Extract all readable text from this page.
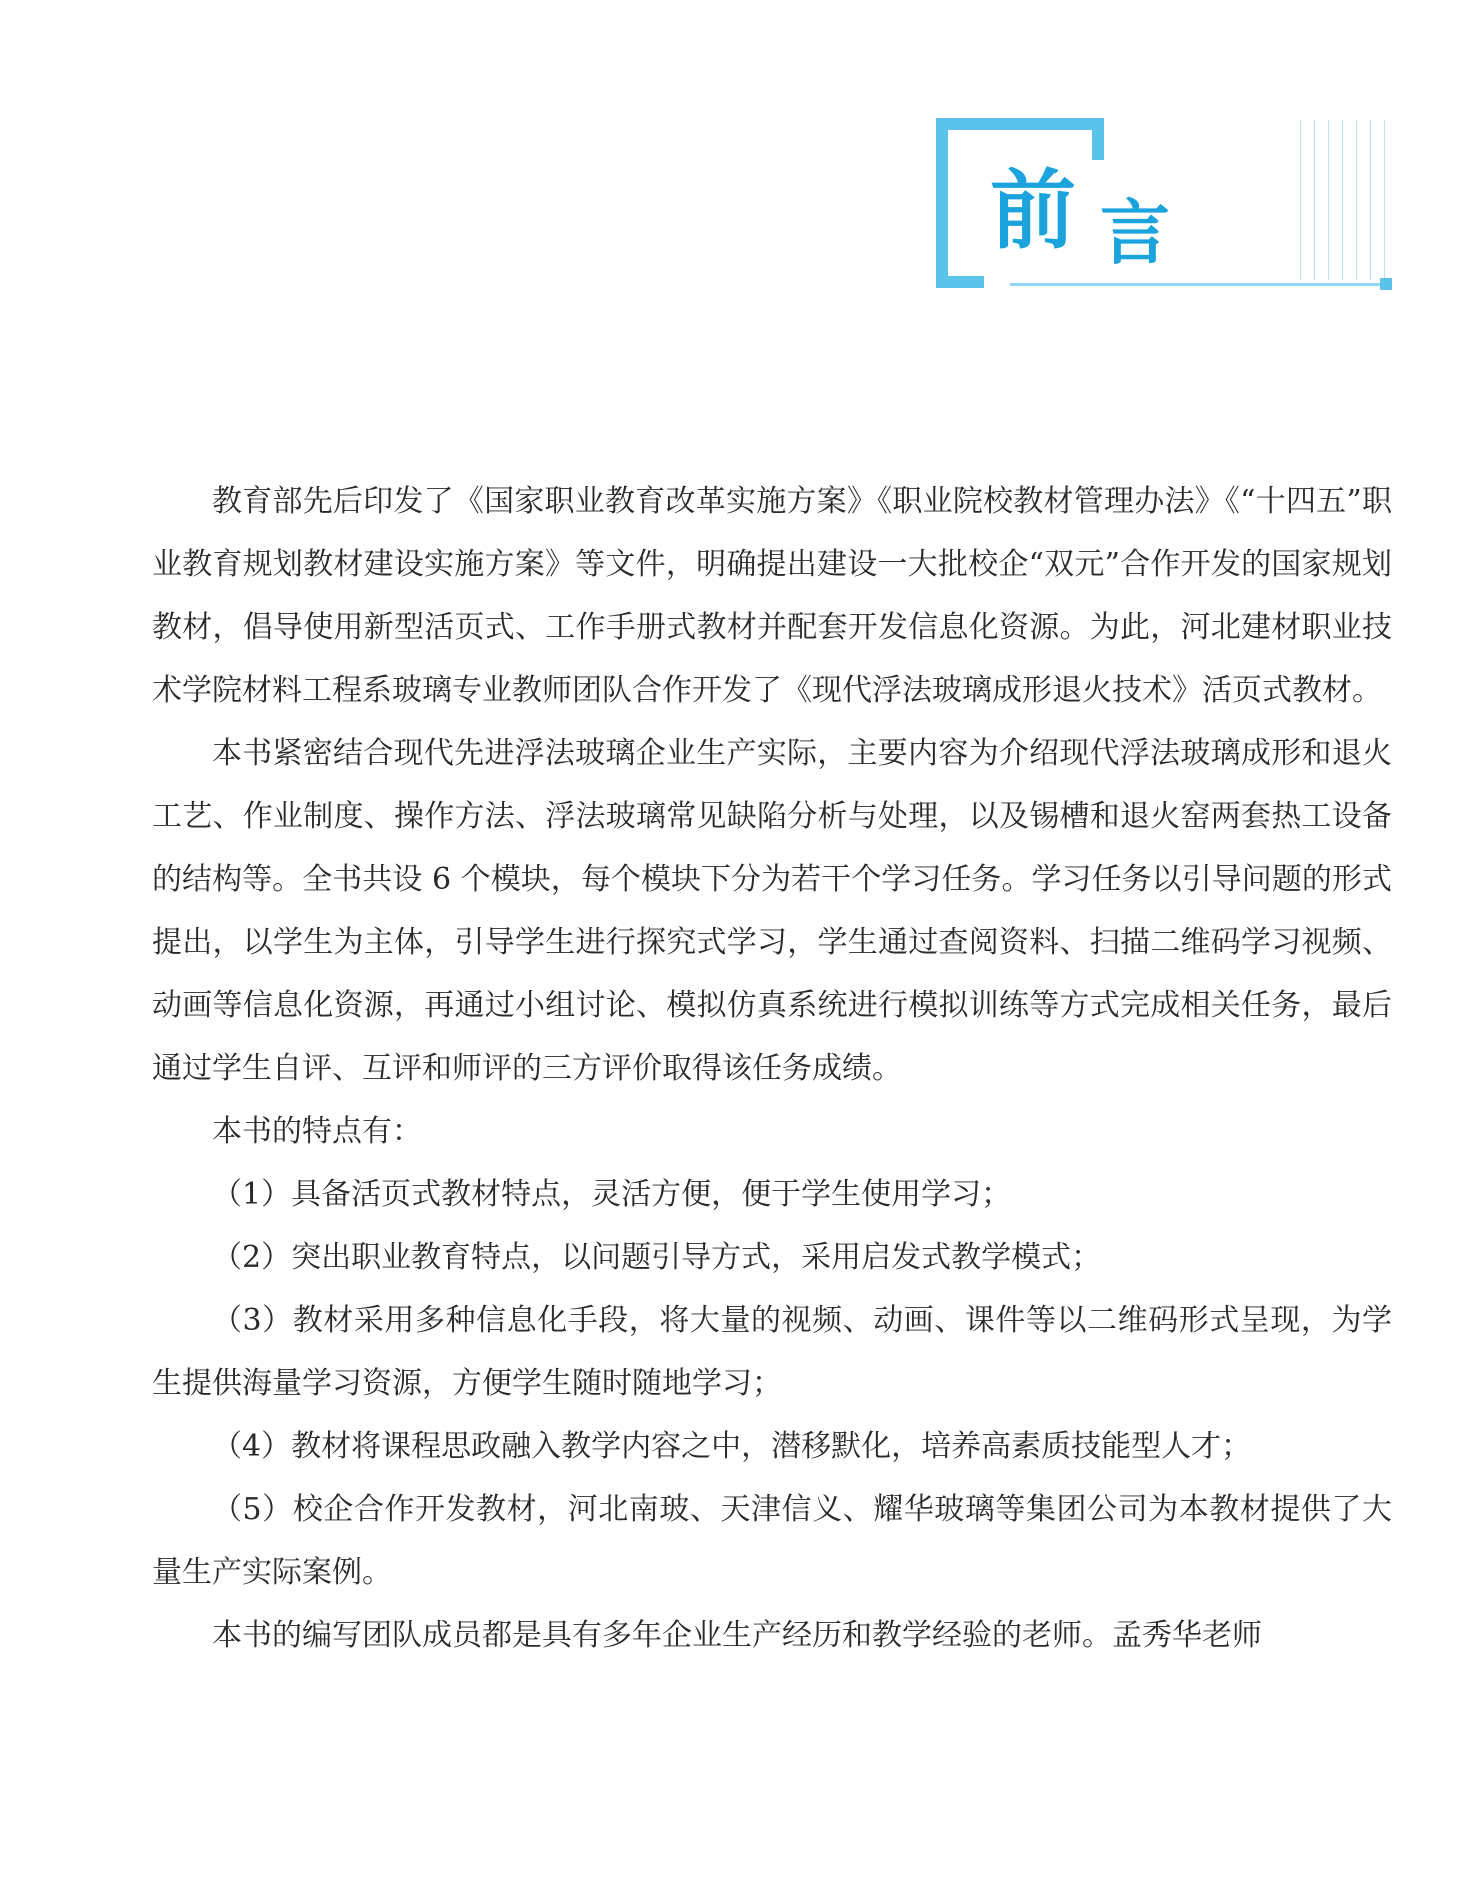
前 言

教育部先后印发了《国家职业教育改革实施方案》《职业院校教材管理办法》《“十四五”职业教育规划教材建设实施方案》等文件，明确提出建设一大批校企“双元”合作开发的国家规划教材，倡导使用新型活页式、工作手册式教材并配套开发信息化资源。为此，河北建材职业技术学院材料工程系玻璃专业教师团队合作开发了《现代浮法玻璃成形退火技术》活页式教材。

本书紧密结合现代先进浮法玻璃企业生产实际，主要内容为介绍现代浮法玻璃成形和退火工艺、作业制度、操作方法、浮法玻璃常见缺陷分析与处理，以及锡槽和退火窑两套热工设备的结构等。全书共设 6 个模块，每个模块下分为若干个学习任务。学习任务以引导问题的形式提出，以学生为主体，引导学生进行探究式学习，学生通过查阅资料、扫描二维码学习视频、动画等信息化资源，再通过小组讨论、模拟仿真系统进行模拟训练等方式完成相关任务，最后通过学生自评、互评和师评的三方评价取得该任务成绩。

本书的特点有：

（1）具备活页式教材特点，灵活方便，便于学生使用学习；

（2）突出职业教育特点，以问题引导方式，采用启发式教学模式；

（3）教材采用多种信息化手段，将大量的视频、动画、课件等以二维码形式呈现，为学生提供海量学习资源，方便学生随时随地学习；

（4）教材将课程思政融入教学内容之中，潜移默化，培养高素质技能型人才；

（5）校企合作开发教材，河北南玻、天津信义、耀华玻璃等集团公司为本教材提供了大量生产实际案例。

本书的编写团队成员都是具有多年企业生产经历和教学经验的老师。孟秀华老师
